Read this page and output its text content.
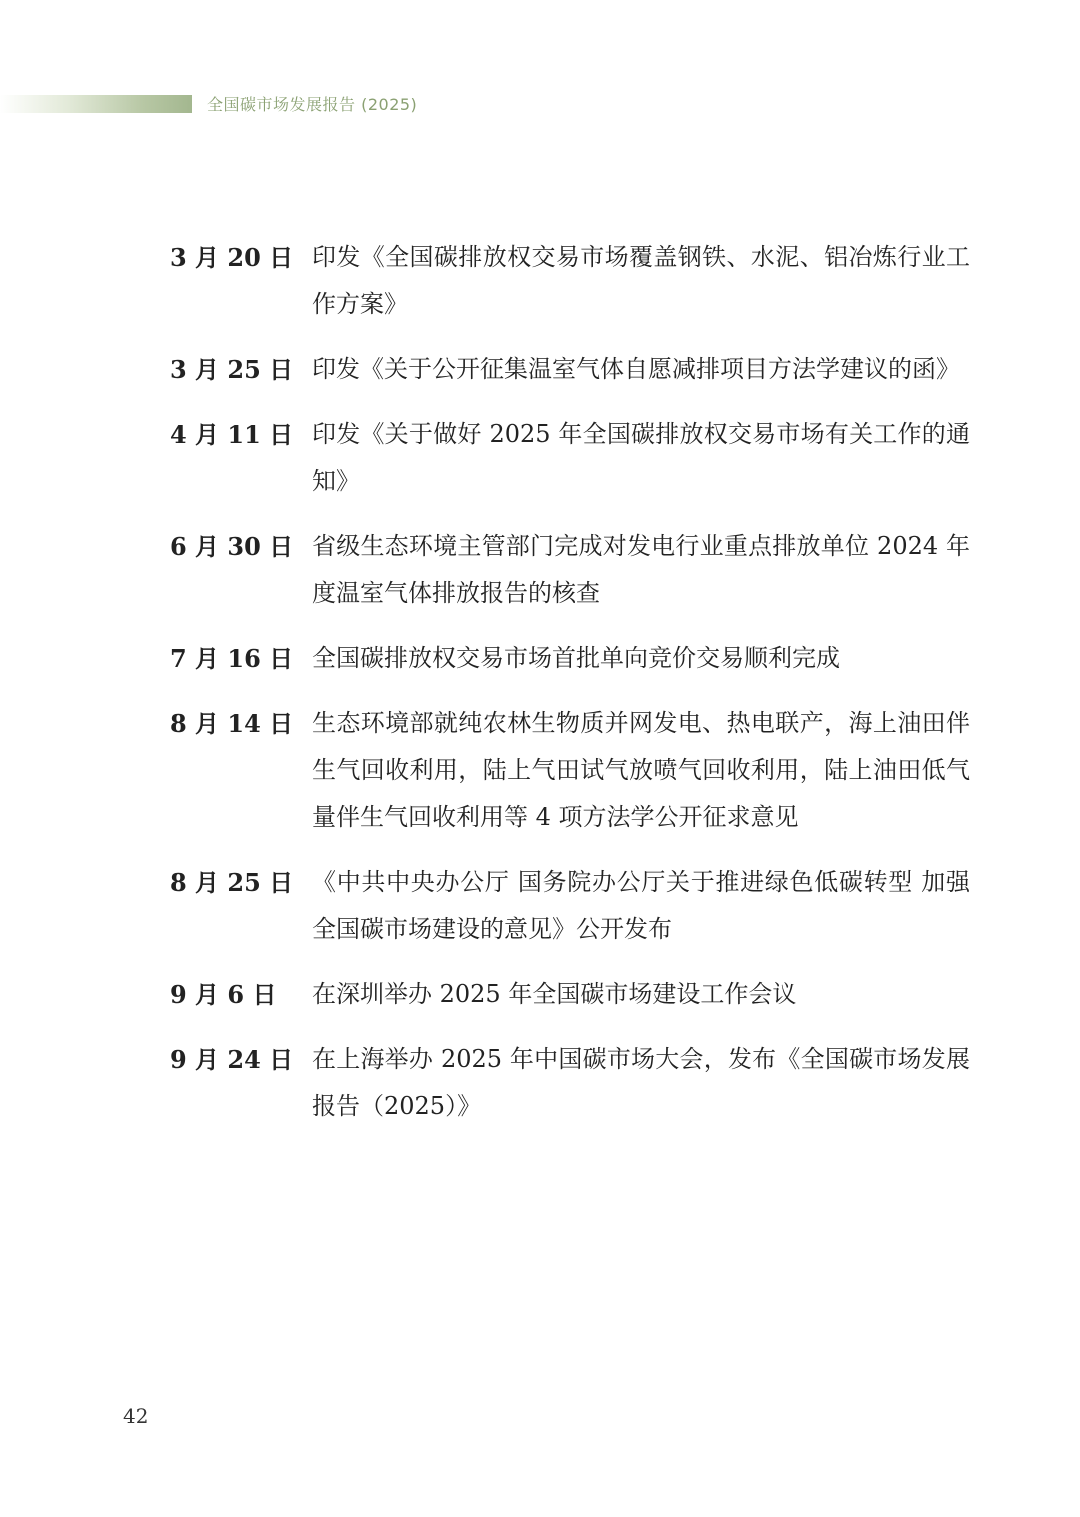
全国碳市场发展报告 (2025)
3 月 20 日 印发《全国碳排放权交易市场覆盖钢铁、水泥、铝冶炼行业工作方案》
3 月 25 日 印发《关于公开征集温室气体自愿减排项目方法学建议的函》
4 月 11 日 印发《关于做好 2025 年全国碳排放权交易市场有关工作的通知》
6 月 30 日 省级生态环境主管部门完成对发电行业重点排放单位 2024 年度温室气体排放报告的核查
7 月 16 日 全国碳排放权交易市场首批单向竞价交易顺利完成
8 月 14 日 生态环境部就纯农林生物质并网发电、热电联产，海上油田伴生气回收利用，陆上气田试气放喷气回收利用，陆上油田低气量伴生气回收利用等 4 项方法学公开征求意见
8 月 25 日 《中共中央办公厅 国务院办公厅关于推进绿色低碳转型 加强全国碳市场建设的意见》公开发布
9 月 6 日	在深圳举办 2025 年全国碳市场建设工作会议
9 月 24 日 在上海举办 2025 年中国碳市场大会，发布《全国碳市场发展报告（2025）》
42
